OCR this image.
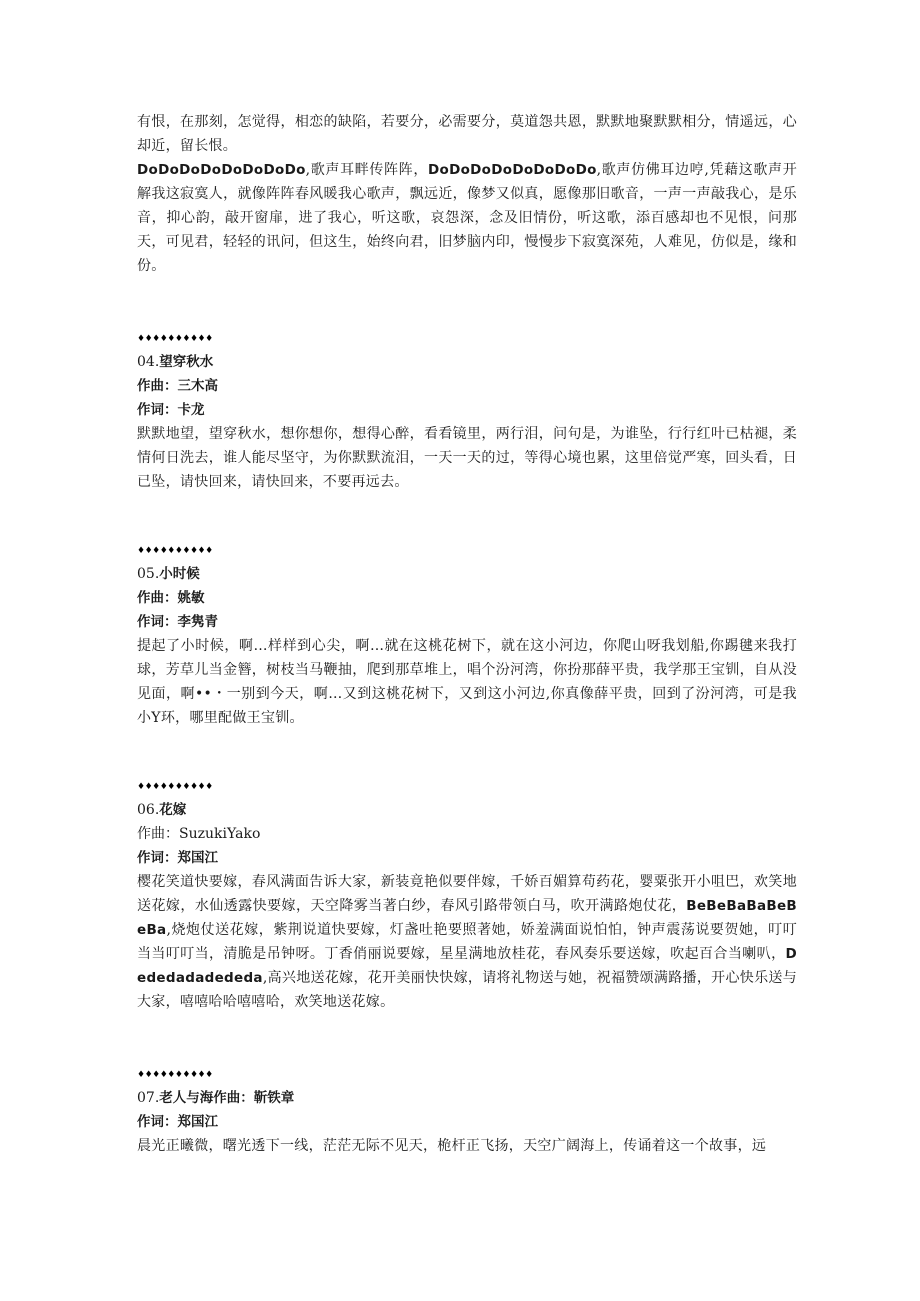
有恨，在那刻，怎觉得，相恋的缺陷，若要分，必需要分，莫道怨共恩，默默地聚默默相分，情遥远，心却近，留长恨。

DoDoDoDoDoDoDoDo,歌声耳畔传阵阵，DoDoDoDoDoDoDoDo,歌声仿佛耳边哼,凭藉这歌声开解我这寂寞人，就像阵阵春风暖我心歌声，飘远近，像梦又似真，愿像那旧歌音，一声一声敲我心，是乐音，抑心韵，敲开窗扉，进了我心，听这歌，哀怨深，念及旧情份，听这歌，添百感却也不见恨，问那天，可见君，轻轻的讯问，但这生，始终向君，旧梦脑内印，慢慢步下寂寞深苑，人难见，仿似是，缘和份。

♦♦♦♦♦♦♦♦♦♦

04.望穿秋水

作曲：三木高

作词：卡龙

默默地望，望穿秋水，想你想你，想得心醉，看看镜里，两行泪，问句是，为谁坠，行行红叶已枯褪，柔情何日洗去，谁人能尽坚守，为你默默流泪，一天一天的过，等得心境也累，这里倍觉严寒，回头看，日已坠，请快回来，请快回来，不要再远去。

♦♦♦♦♦♦♦♦♦♦

05.小时候

作曲：姚敏

作词：李隽青

提起了小时候，啊…样样到心尖，啊…就在这桃花树下，就在这小河边，你爬山呀我划船,你踢毽来我打球，芳草儿当金簪，树枝当马鞭抽，爬到那草堆上，唱个汾河湾，你扮那薛平贵，我学那王宝钏，自从没见面，啊••・一别到今天，啊…又到这桃花树下，又到这小河边,你真像薛平贵，回到了汾河湾，可是我小Y环，哪里配做王宝钏。

♦♦♦♦♦♦♦♦♦♦

06.花嫁

作曲：SuzukiYako

作词：郑国江

樱花笑道快要嫁，春风满面告诉大家，新装竟艳似要伴嫁，千娇百媚算苟药花，婴粟张开小咀巴，欢笑地送花嫁，水仙透露快要嫁，天空降雾当著白纱，春风引路带领白马，吹开满路炮仗花，BeBeBaBaBeBeBa,烧炮仗送花嫁，紫荆说道快要嫁，灯盏吐艳要照著她，娇羞满面说怕怕，钟声震荡说要贺她，叮叮当当叮叮当，清脆是吊钟呀。丁香俏丽说要嫁，星星满地放桂花，春风奏乐要送嫁，吹起百合当喇叭，Dededadadededa,高兴地送花嫁，花开美丽快快嫁，请将礼物送与她，祝福赞颂满路播，开心快乐送与大家，嘻嘻哈哈嘻嘻哈，欢笑地送花嫁。

♦♦♦♦♦♦♦♦♦♦

07.老人与海作曲：靳铁章

作词：郑国江

晨光正曦微，曙光透下一线，茫茫无际不见天，桅杆正飞扬，天空广阔海上，传诵着这一个故事，远
